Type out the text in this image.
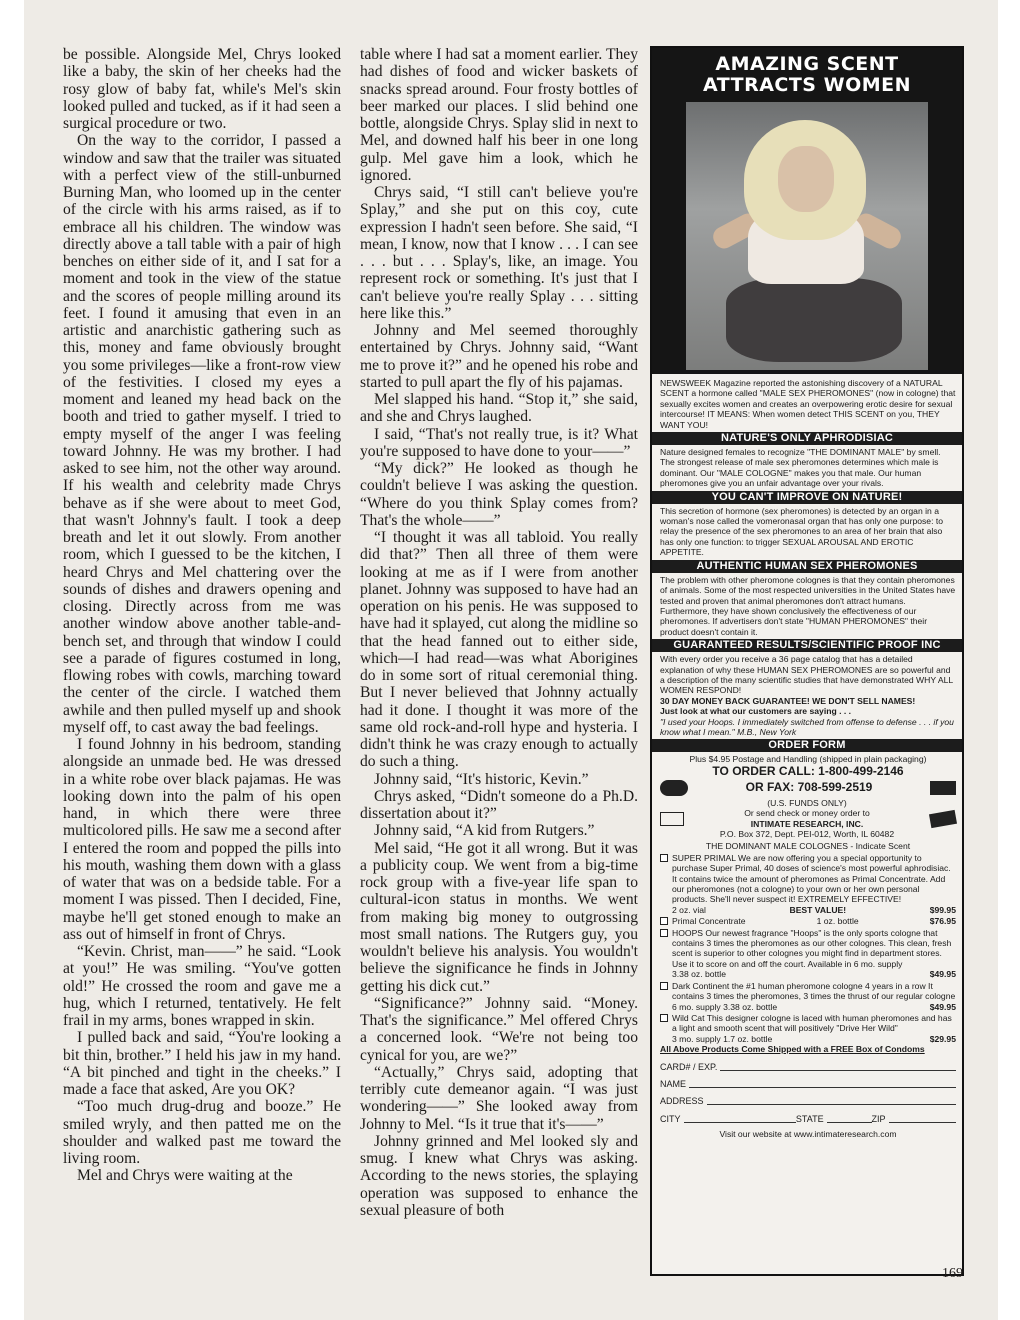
be possible. Alongside Mel, Chrys looked like a baby, the skin of her cheeks had the rosy glow of baby fat, while's Mel's skin looked pulled and tucked, as if it had seen a surgical procedure or two.

On the way to the corridor, I passed a window and saw that the trailer was situated with a perfect view of the still-unburned Burning Man, who loomed up in the center of the circle with his arms raised, as if to embrace all his children. The window was directly above a tall table with a pair of high benches on either side of it, and I sat for a moment and took in the view of the statue and the scores of people milling around its feet. I found it amusing that even in an artistic and anarchistic gathering such as this, money and fame obviously brought you some privileges—like a front-row view of the festivities. I closed my eyes a moment and leaned my head back on the booth and tried to gather myself. I tried to empty myself of the anger I was feeling toward Johnny. He was my brother. I had asked to see him, not the other way around. If his wealth and celebrity made Chrys behave as if she were about to meet God, that wasn't Johnny's fault. I took a deep breath and let it out slowly. From another room, which I guessed to be the kitchen, I heard Chrys and Mel chattering over the sounds of dishes and drawers opening and closing. Directly across from me was another window above another table-and-bench set, and through that window I could see a parade of figures costumed in long, flowing robes with cowls, marching toward the center of the circle. I watched them awhile and then pulled myself up and shook myself off, to cast away the bad feelings.

I found Johnny in his bedroom, standing alongside an unmade bed. He was dressed in a white robe over black pajamas. He was looking down into the palm of his open hand, in which there were three multicolored pills. He saw me a second after I entered the room and popped the pills into his mouth, washing them down with a glass of water that was on a bedside table. For a moment I was pissed. Then I decided, Fine, maybe he'll get stoned enough to make an ass out of himself in front of Chrys.

“Kevin. Christ, man——” he said. “Look at you!” He was smiling. “You've gotten old!” He crossed the room and gave me a hug, which I returned, tentatively. He felt frail in my arms, bones wrapped in skin.

I pulled back and said, “You're looking a bit thin, brother.” I held his jaw in my hand. “A bit pinched and tight in the cheeks.” I made a face that asked, Are you OK?

“Too much drug-drug and booze.” He smiled wryly, and then patted me on the shoulder and walked past me toward the living room.

Mel and Chrys were waiting at the

table where I had sat a moment earlier. They had dishes of food and wicker baskets of snacks spread around. Four frosty bottles of beer marked our places. I slid behind one bottle, alongside Chrys. Splay slid in next to Mel, and downed half his beer in one long gulp. Mel gave him a look, which he ignored.

Chrys said, “I still can't believe you're Splay,” and she put on this coy, cute expression I hadn't seen before. She said, “I mean, I know, now that I know . . . I can see . . . but . . . Splay's, like, an image. You represent rock or something. It's just that I can't believe you're really Splay . . . sitting here like this.”

Johnny and Mel seemed thoroughly entertained by Chrys. Johnny said, “Want me to prove it?” and he opened his robe and started to pull apart the fly of his pajamas.

Mel slapped his hand. “Stop it,” she said, and she and Chrys laughed.

I said, “That's not really true, is it? What you're supposed to have done to your——”

“My dick?” He looked as though he couldn't believe I was asking the question. “Where do you think Splay comes from? That's the whole——”

“I thought it was all tabloid. You really did that?” Then all three of them were looking at me as if I were from another planet. Johnny was supposed to have had an operation on his penis. He was supposed to have had it splayed, cut along the midline so that the head fanned out to either side, which—I had read—was what Aborigines do in some sort of ritual ceremonial thing. But I never believed that Johnny actually had it done. I thought it was more of the same old rock-and-roll hype and hysteria. I didn't think he was crazy enough to actually do such a thing.

Johnny said, “It's historic, Kevin.”

Chrys asked, “Didn't someone do a Ph.D. dissertation about it?”

Johnny said, “A kid from Rutgers.”

Mel said, “He got it all wrong. But it was a publicity coup. We went from a big-time rock group with a five-year life span to cultural-icon status in months. We went from making big money to outgrossing most small nations. The Rutgers guy, you wouldn't believe his analysis. You wouldn't believe the significance he finds in Johnny getting his dick cut.”

“Significance?” Johnny said. “Money. That's the significance.” Mel offered Chrys a concerned look. “We're not being too cynical for you, are we?”

“Actually,” Chrys said, adopting that terribly cute demeanor again. “I was just wondering——” She looked away from Johnny to Mel. “Is it true that it's——”

Johnny grinned and Mel looked sly and smug. I knew what Chrys was asking. According to the news stories, the splaying operation was supposed to enhance the sexual pleasure of both

AMAZING SCENT
ATTRACTS WOMEN
NEWSWEEK Magazine reported the astonishing discovery of a NATURAL SCENT a hormone called "MALE SEX PHEROMONES" (now in cologne) that sexually excites women and creates an overpowering erotic desire for sexual intercourse! IT MEANS: When women detect THIS SCENT on you, THEY WANT YOU!
NATURE'S ONLY APHRODISIAC
Nature designed females to recognize "THE DOMINANT MALE" by smell. The strongest release of male sex pheromones determines which male is dominant. Our "MALE COLOGNE" makes you that male. Our human pheromones give you an unfair advantage over your rivals.
YOU CAN'T IMPROVE ON NATURE!
This secretion of hormone (sex pheromones) is detected by an organ in a woman's nose called the vomeronasal organ that has only one purpose: to relay the presence of the sex pheromones to an area of her brain that also has only one function: to trigger SEXUAL AROUSAL AND EROTIC APPETITE.
AUTHENTIC HUMAN SEX PHEROMONES
The problem with other pheromone colognes is that they contain pheromones of animals. Some of the most respected universities in the United States have tested and proven that animal pheromones don't attract humans. Furthermore, they have shown conclusively the effectiveness of our pheromones. If advertisers don't state "HUMAN PHEROMONES" their product doesn't contain it.
GUARANTEED RESULTS/SCIENTIFIC PROOF INC
With every order you receive a 36 page catalog that has a detailed explanation of why these HUMAN SEX PHEROMONES are so powerful and a description of the many scientific studies that have demonstrated WHY ALL WOMEN RESPOND!
30 DAY MONEY BACK GUARANTEE! WE DON'T SELL NAMES!
Just look at what our customers are saying . . .
"I used your Hoops. I immediately switched from offense to defense . . . if you know what I mean." M.B., New York
ORDER FORM
Plus $4.95 Postage and Handling (shipped in plain packaging)
TO ORDER CALL: 1-800-499-2146
OR FAX: 708-599-2519
(U.S. FUNDS ONLY)
Or send check or money order to
INTIMATE RESEARCH, INC.
P.O. Box 372, Dept. PEI-012, Worth, IL 60482
THE DOMINANT MALE COLOGNES - Indicate Scent
SUPER PRIMAL We are now offering you a special opportunity to purchase Super Primal, 40 doses of science's most powerful aphrodisiac. It contains twice the amount of pheromones as Primal Concentrate. Add our pheromones (not a cologne) to your own or her own personal products. She'll never suspect it! EXTREMELY EFFECTIVE!
2 oz. vial	BEST VALUE!	$99.95
Primal Concentrate	1 oz. bottle	$76.95
HOOPS Our newest fragrance "Hoops" is the only sports cologne that contains 3 times the pheromones as our other colognes. This clean, fresh scent is superior to other colognes you might find in department stores. Use it to score on and off the court. Available in 6 mo. supply
3.38 oz. bottle	$49.95
Dark Continent the #1 human pheromone cologne 4 years in a row It contains 3 times the pheromones, 3 times the thrust of our regular cologne
6 mo. supply 3.38 oz. bottle	$49.95
Wild Cat This designer cologne is laced with human pheromones and has a light and smooth scent that will positively "Drive Her Wild"
3 mo. supply 1.7 oz. bottle	$29.95
All Above Products Come Shipped with a FREE Box of Condoms
CARD# / EXP.
NAME
ADDRESS
CITY	STATE	ZIP
Visit our website at www.intimateresearch.com
169
